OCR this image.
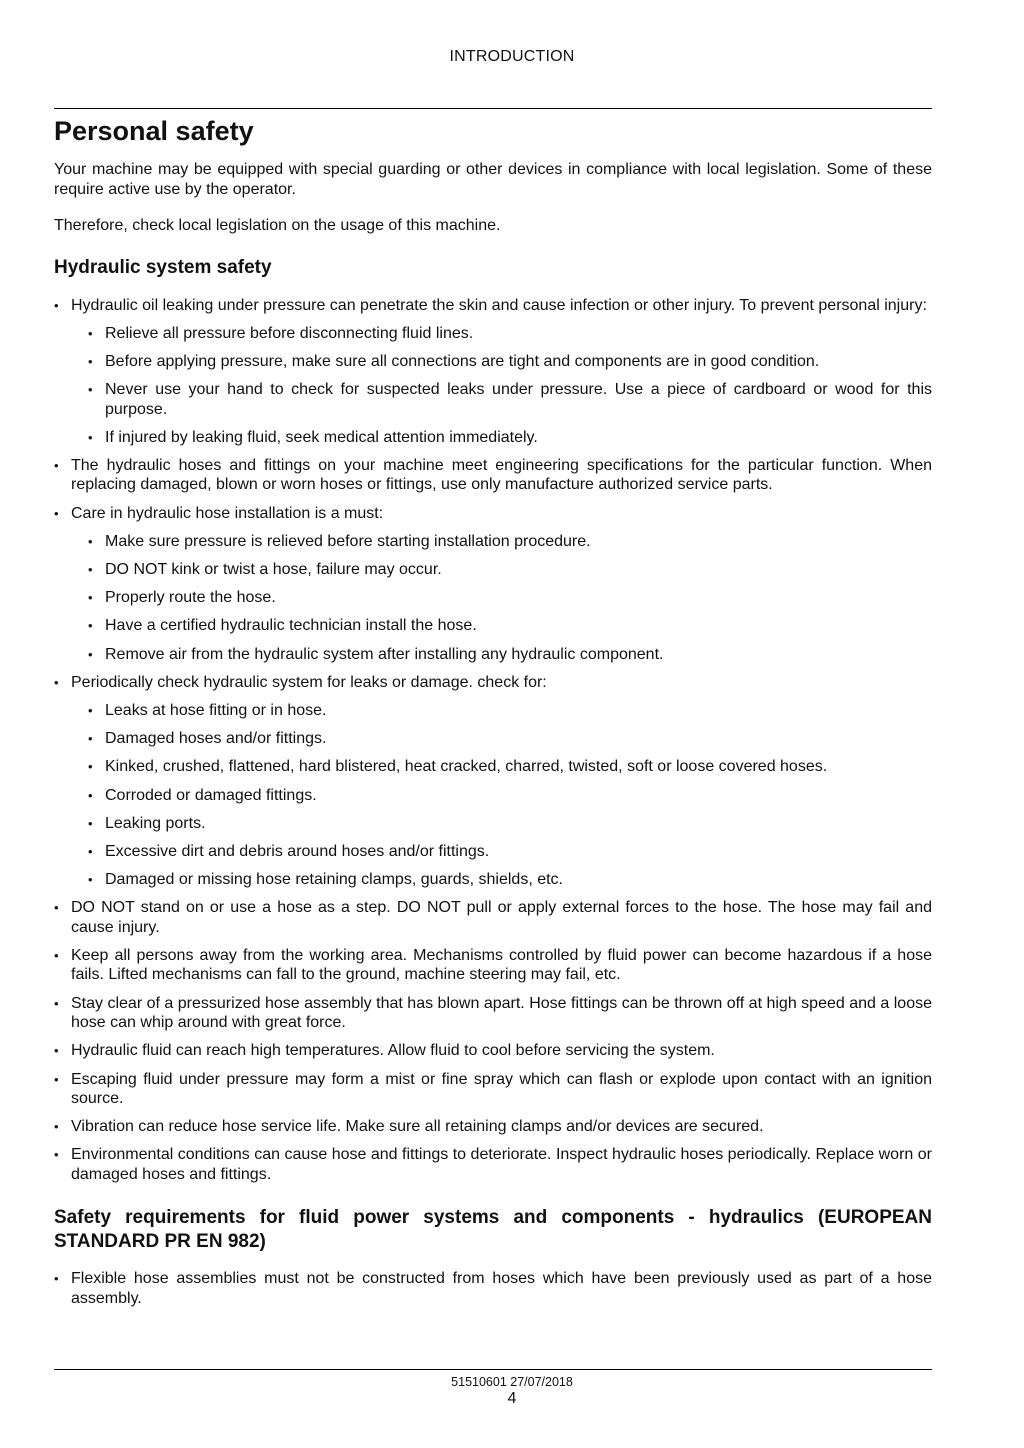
INTRODUCTION
Personal safety

Your machine may be equipped with special guarding or other devices in compliance with local legislation. Some of these require active use by the operator.

Therefore, check local legislation on the usage of this machine.

Hydraulic system safety
• Hydraulic oil leaking under pressure can penetrate the skin and cause infection or other injury. To prevent personal injury:
• Relieve all pressure before disconnecting fluid lines.
• Before applying pressure, make sure all connections are tight and components are in good condition.
• Never use your hand to check for suspected leaks under pressure. Use a piece of cardboard or wood for this purpose.
• If injured by leaking fluid, seek medical attention immediately.
• The hydraulic hoses and fittings on your machine meet engineering specifications for the particular function. When replacing damaged, blown or worn hoses or fittings, use only manufacture authorized service parts.
• Care in hydraulic hose installation is a must:
• Make sure pressure is relieved before starting installation procedure.
• DO NOT kink or twist a hose, failure may occur.
• Properly route the hose.
• Have a certified hydraulic technician install the hose.
• Remove air from the hydraulic system after installing any hydraulic component.
• Periodically check hydraulic system for leaks or damage. check for:
• Leaks at hose fitting or in hose.
• Damaged hoses and/or fittings.
• Kinked, crushed, flattened, hard blistered, heat cracked, charred, twisted, soft or loose covered hoses.
• Corroded or damaged fittings.
• Leaking ports.
• Excessive dirt and debris around hoses and/or fittings.
• Damaged or missing hose retaining clamps, guards, shields, etc.
• DO NOT stand on or use a hose as a step. DO NOT pull or apply external forces to the hose. The hose may fail and cause injury.
• Keep all persons away from the working area. Mechanisms controlled by fluid power can become hazardous if a hose fails. Lifted mechanisms can fall to the ground, machine steering may fail, etc.
• Stay clear of a pressurized hose assembly that has blown apart. Hose fittings can be thrown off at high speed and a loose hose can whip around with great force.
• Hydraulic fluid can reach high temperatures. Allow fluid to cool before servicing the system.
• Escaping fluid under pressure may form a mist or fine spray which can flash or explode upon contact with an ignition source.
• Vibration can reduce hose service life. Make sure all retaining clamps and/or devices are secured.
• Environmental conditions can cause hose and fittings to deteriorate. Inspect hydraulic hoses periodically. Replace worn or damaged hoses and fittings.
Safety requirements for fluid power systems and components - hydraulics (EUROPEAN STANDARD PR EN 982)
• Flexible hose assemblies must not be constructed from hoses which have been previously used as part of a hose assembly.
51510601 27/07/2018
4
